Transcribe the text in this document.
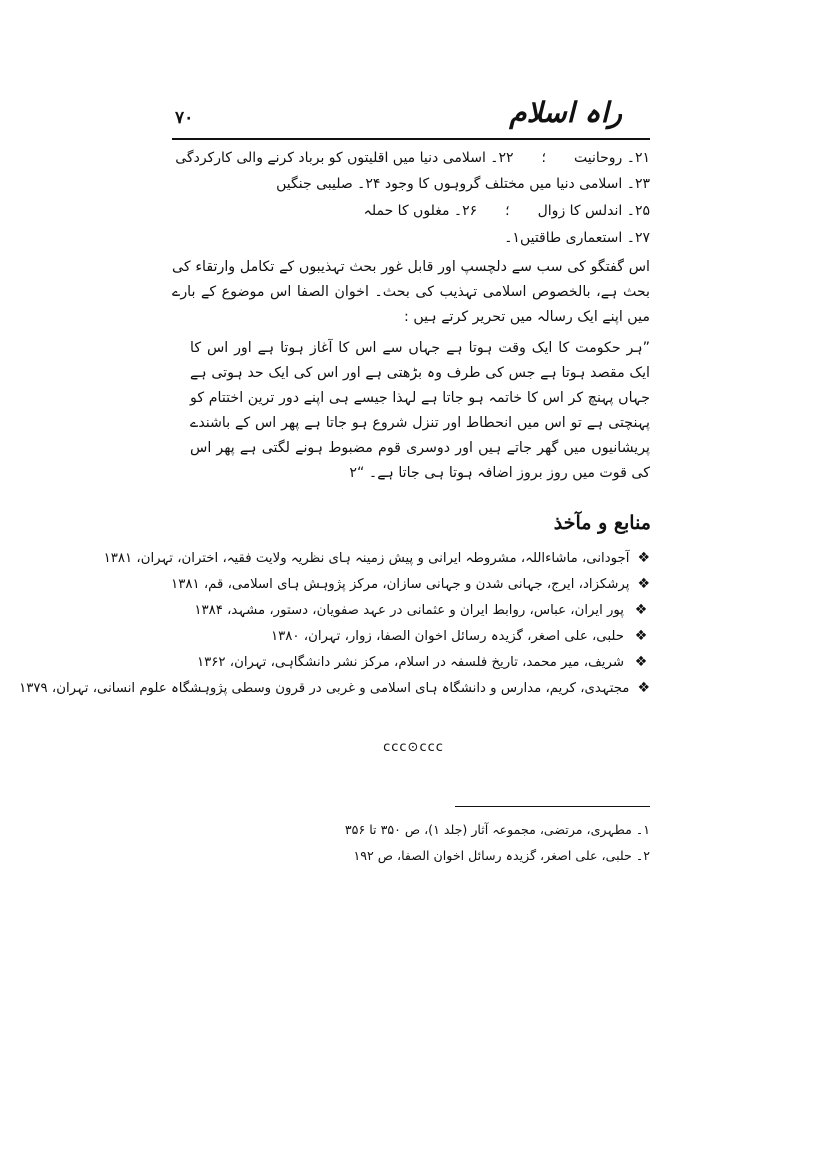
راہ اسلام
۷۰
۲۱۔ روحانیت؛۲۲۔ اسلامی دنیا میں اقلیتوں کو برباد کرنے والی کارکردگی
۲۳۔ اسلامی دنیا میں مختلف گروہوں کا وجود ۲۴۔ صلیبی جنگیں
۲۵۔ اندلس کا زوال؛۲۶۔ مغلوں کا حملہ
۲۷۔ استعماری طاقتیں۱۔
اس گفتگو کی سب سے دلچسپ اور قابل غور بحث تہذیبوں کے تکامل وارتقاء کی بحث ہے، بالخصوص اسلامی تہذیب کی بحث۔ اخوان الصفا اس موضوع کے بارے میں اپنے ایک رسالہ میں تحریر کرتے ہیں :
”ہر حکومت کا ایک وقت ہوتا ہے جہاں سے اس کا آغاز ہوتا ہے اور اس کا ایک مقصد ہوتا ہے جس کی طرف وہ بڑھتی ہے اور اس کی ایک حد ہوتی ہے جہاں پہنچ کر اس کا خاتمہ ہو جاتا ہے لہذا جیسے ہی اپنے دور ترین اختتام کو پہنچتی ہے تو اس میں انحطاط اور تنزل شروع ہو جاتا ہے پھر اس کے باشندے پریشانیوں میں گھر جاتے ہیں اور دوسری قوم مضبوط ہونے لگتی ہے پھر اس کی قوت میں روز بروز اضافہ ہوتا ہی جاتا ہے۔ “۲
منابع و مآخذ
❖
آجودانی، ماشاءاللہ، مشروطہ ایرانی و پیش زمینہ ہای نظریہ ولایت فقیہ، اختران، تہران، ۱۳۸۱
❖
پرشکزاد، ایرج، جہانی شدن و جہانی سازان، مرکز پژوہش ہای اسلامی، قم، ۱۳۸۱
❖
پور ایران، عباس، روابط ایران و عثمانی در عہد صفویان، دستور، مشہد، ۱۳۸۴
❖
حلبی، علی اصغر، گزیدہ رسائل اخوان الصفا، زوار، تہران، ۱۳۸۰
❖
شریف، میر محمد، تاریخ فلسفہ در اسلام، مرکز نشر دانشگاہی، تہران، ۱۳۶۲
❖
مجتہدی، کریم، مدارس و دانشگاہ ہای اسلامی و غربی در قرون وسطی پژوہشگاہ علوم انسانی، تہران، ۱۳۷۹
ccc⊙ccc
۱۔ مطہری، مرتضی، مجموعہ آثار (جلد ۱)، ص ۳۵۰ تا ۳۵۶
۲۔ حلبی، علی اصغر، گزیدہ رسائل اخوان الصفا، ص ۱۹۲
